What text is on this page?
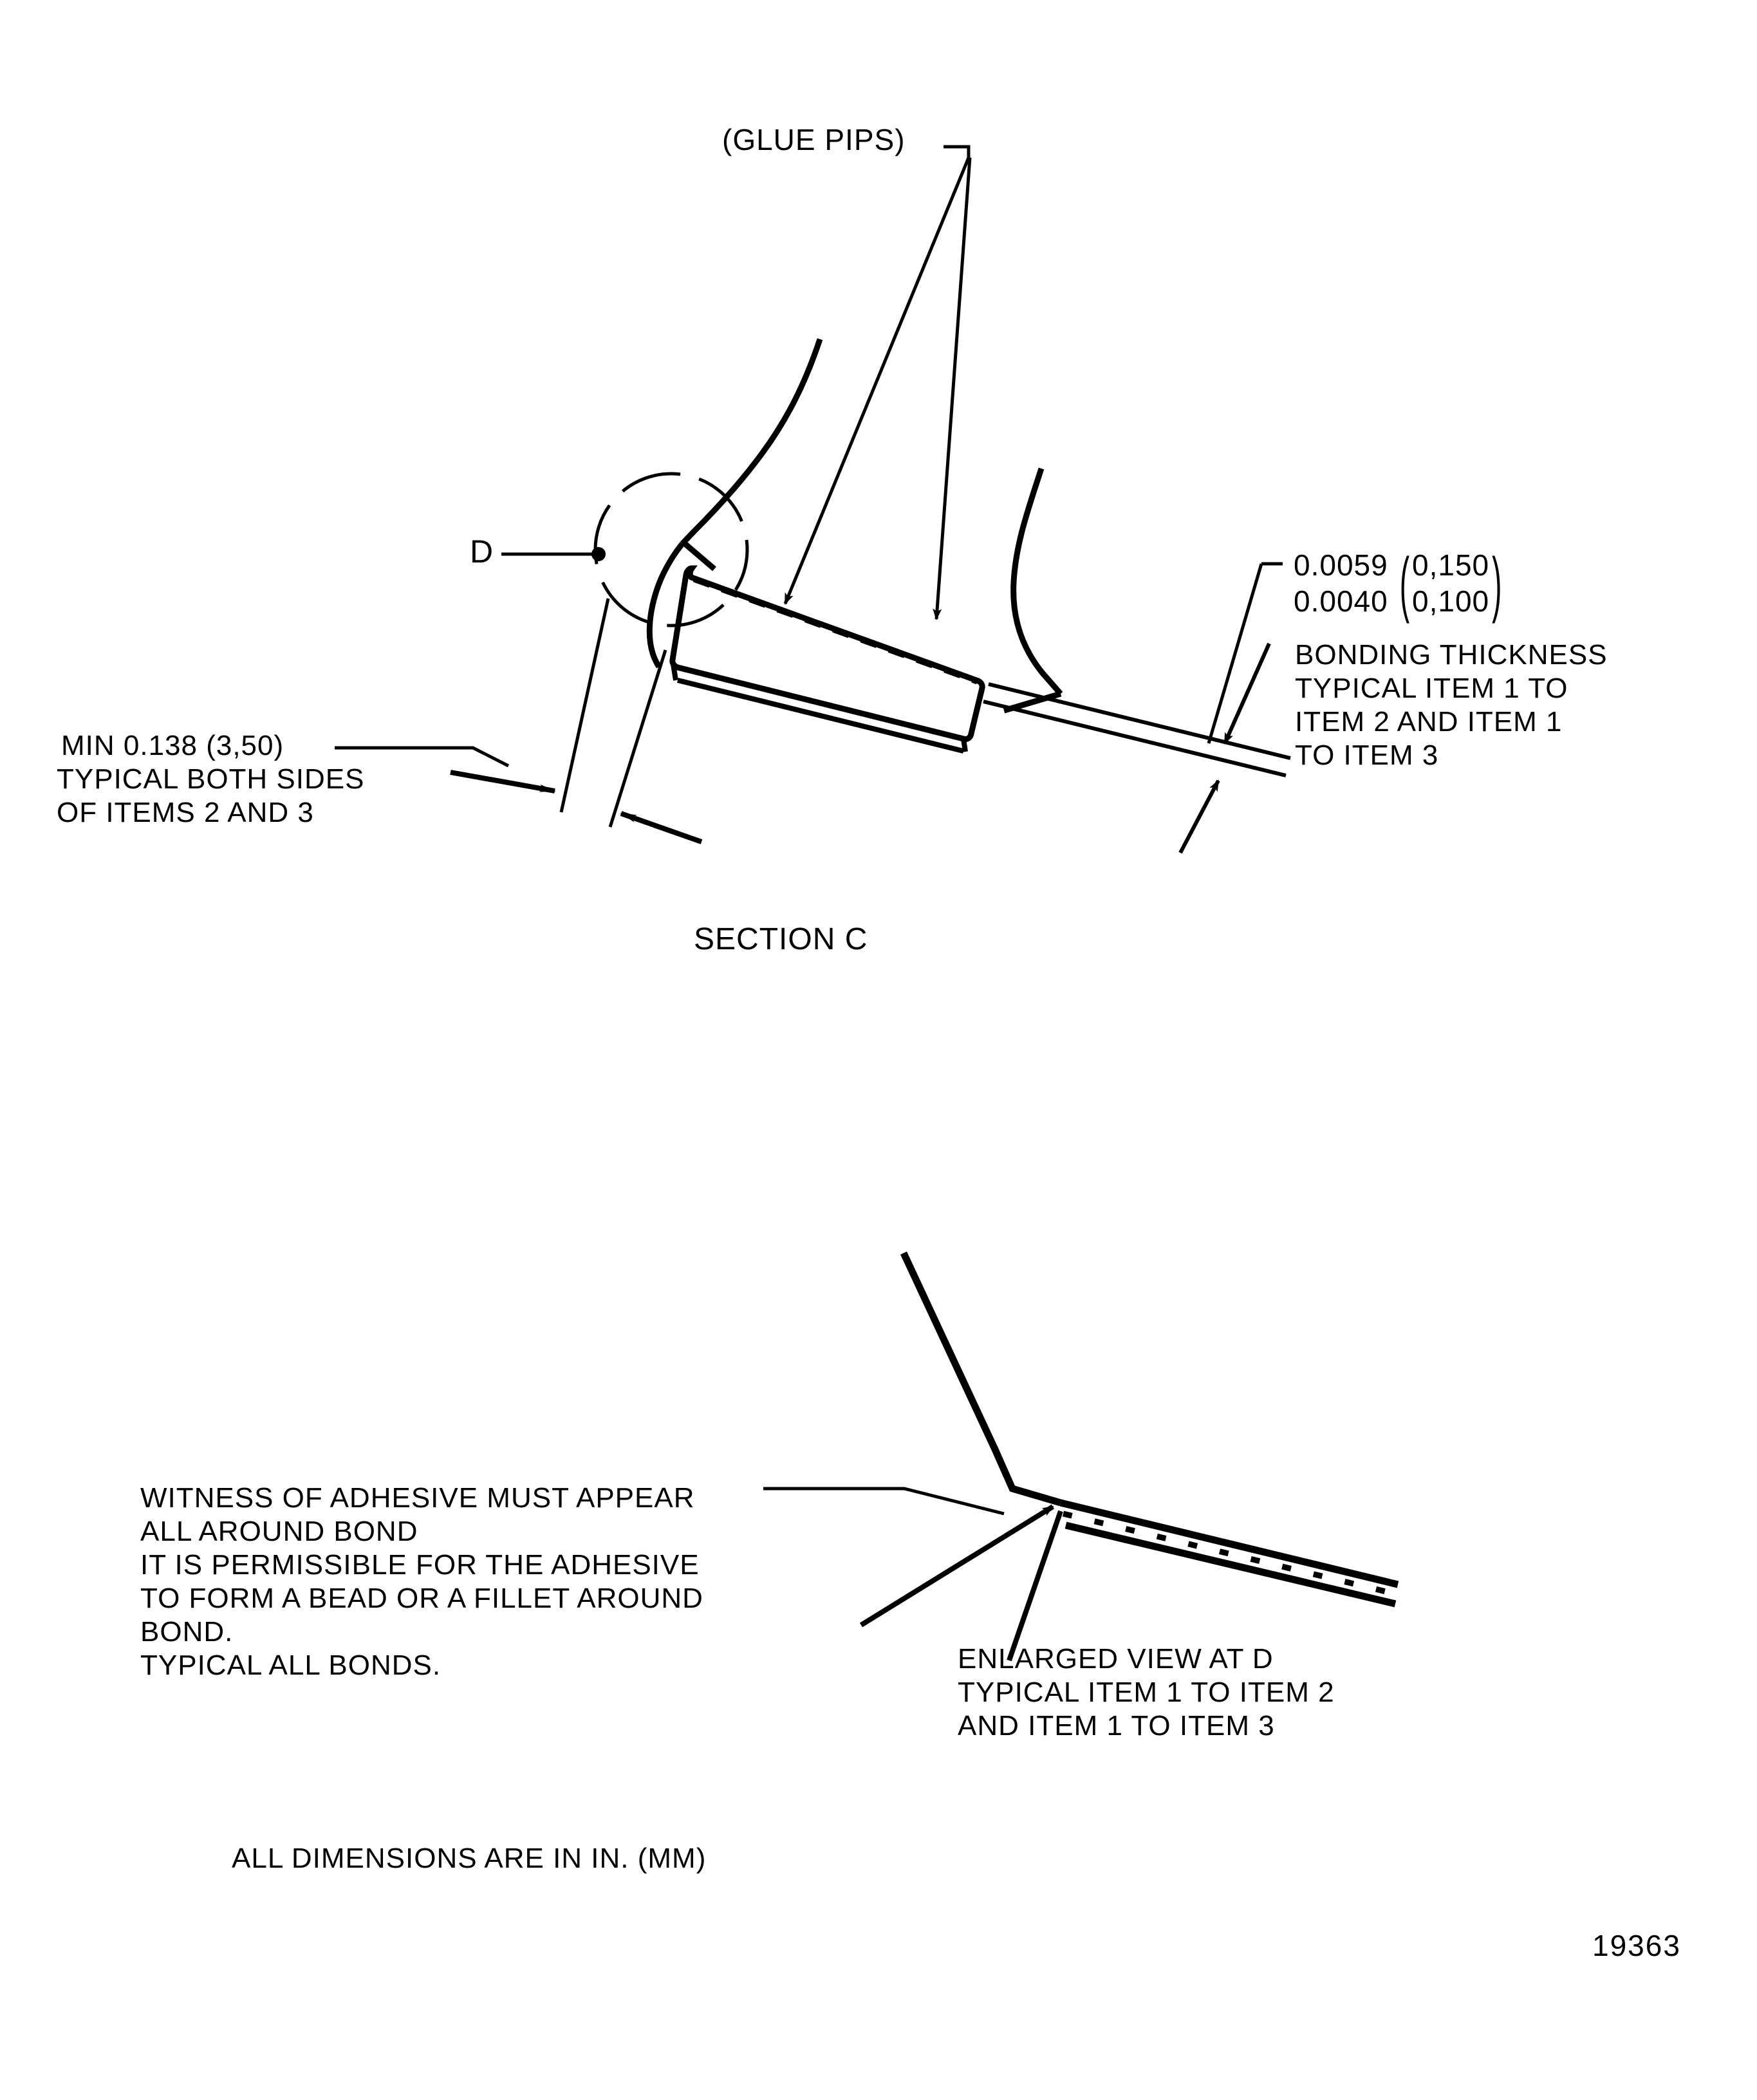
(GLUE PIPS)
D
MIN 0.138 (3,50)
TYPICAL BOTH SIDES
OF ITEMS 2 AND 3
0.0059
0.0040 ( 0,150
0,100 )
BONDING THICKNESS
TYPICAL ITEM 1 TO
ITEM 2 AND ITEM 1
TO ITEM 3
SECTION C
WITNESS OF ADHESIVE MUST APPEAR
ALL AROUND BOND
IT IS PERMISSIBLE FOR THE ADHESIVE
TO FORM A BEAD OR A FILLET AROUND
BOND.
TYPICAL ALL BONDS.	ENLARGED VIEW AT D
TYPICAL ITEM 1 TO ITEM 2
AND ITEM 1 TO ITEM 3
ALL DIMENSIONS ARE IN IN. (MM)
19363
